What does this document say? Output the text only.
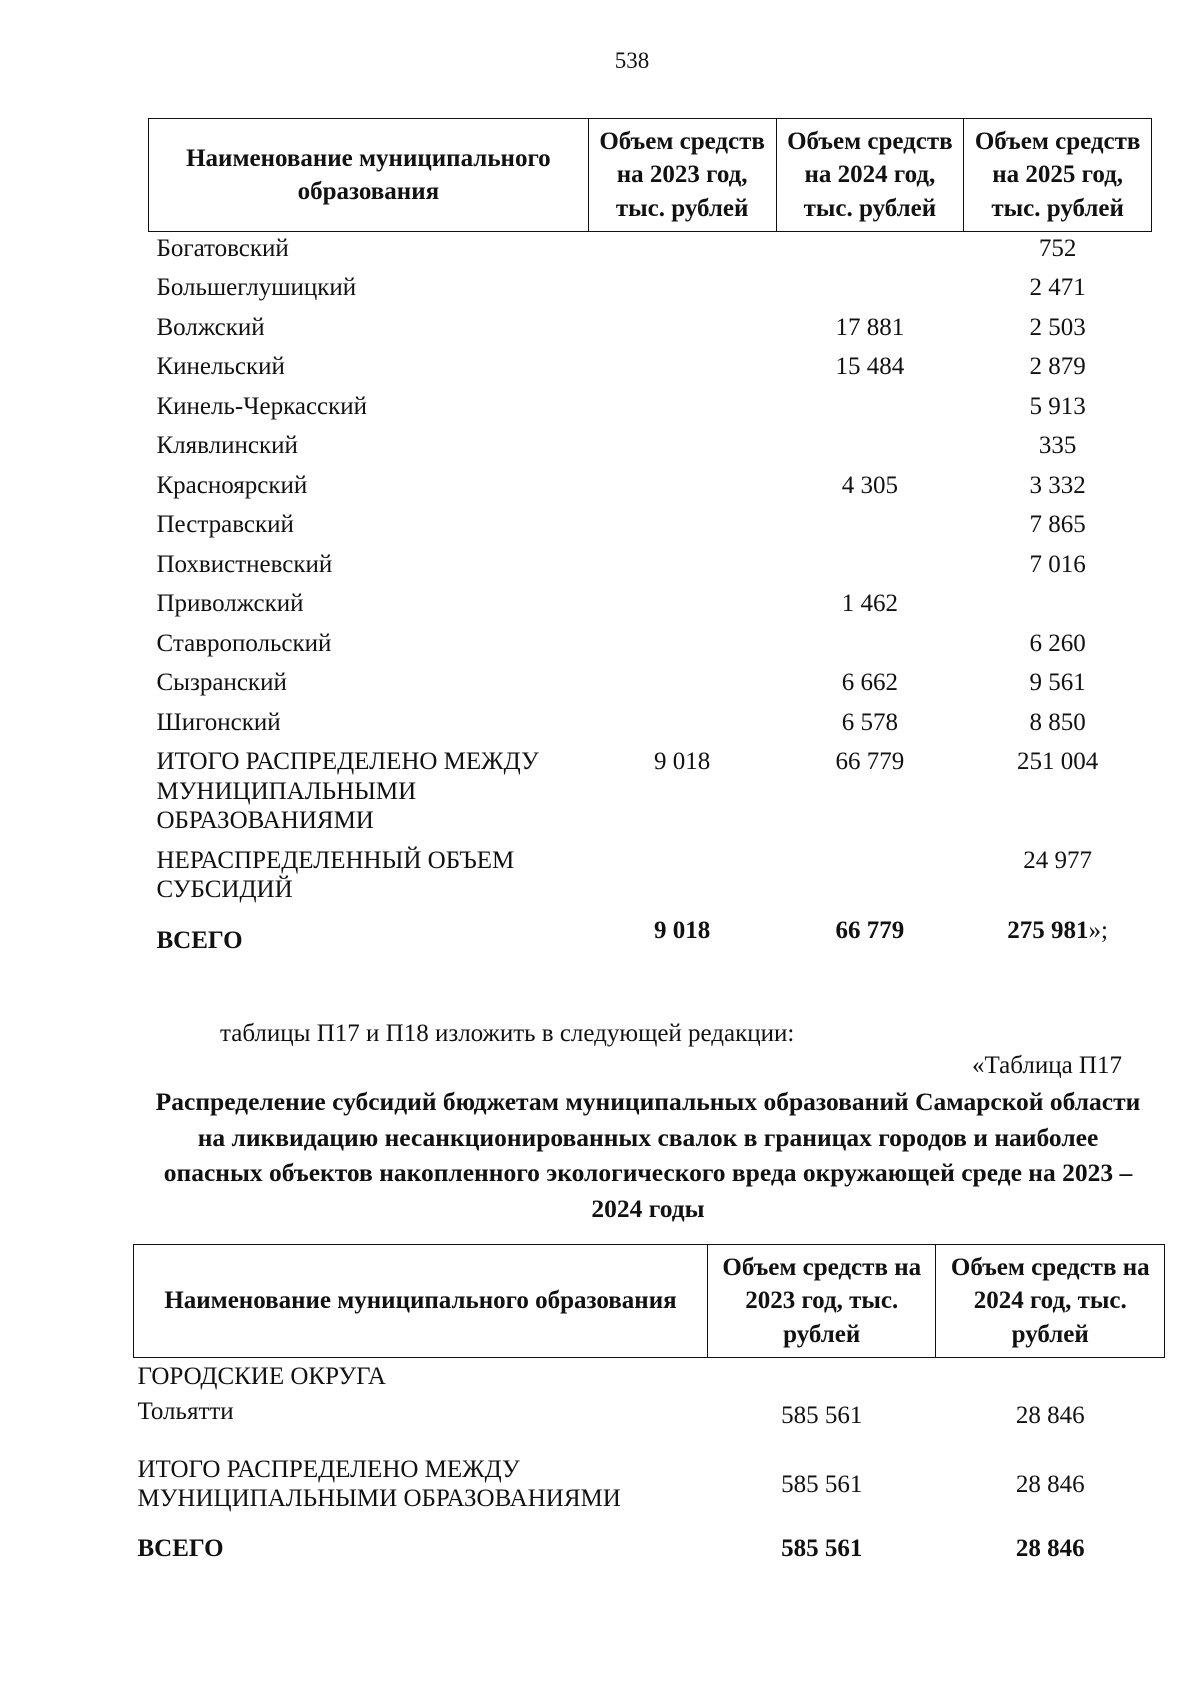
538
Наименование муниципального образования	Объем средств на 2023 год, тыс. рублей	Объем средств на 2024 год, тыс. рублей	Объем средств на 2025 год, тыс. рублей
Богатовский			752
Большеглушицкий			2 471
Волжский		17 881	2 503
Кинельский		15 484	2 879
Кинель-Черкасский			5 913
Клявлинский			335
Красноярский		4 305	3 332
Пестравский			7 865
Похвистневский			7 016
Приволжский		1 462	
Ставропольский			6 260
Сызранский		6 662	9 561
Шигонский		6 578	8 850
ИТОГО РАСПРЕДЕЛЕНО МЕЖДУ МУНИЦИПАЛЬНЫМИ ОБРАЗОВАНИЯМИ	9 018	66 779	251 004
НЕРАСПРЕДЕЛЕННЫЙ ОБЪЕМ СУБСИДИЙ			24 977
ВСЕГО	9 018	66 779	275 981»;
таблицы П17 и П18 изложить в следующей редакции:
«Таблица П17
Распределение субсидий бюджетам муниципальных образований Самарской области на ликвидацию несанкционированных свалок в границах городов и наиболее опасных объектов накопленного экологического вреда окружающей среде на 2023 – 2024 годы
Наименование муниципального образования	Объем средств на 2023 год, тыс. рублей	Объем средств на 2024 год, тыс. рублей
ГОРОДСКИЕ ОКРУГА		
Тольятти	585 561	28 846
ИТОГО РАСПРЕДЕЛЕНО МЕЖДУ МУНИЦИПАЛЬНЫМИ ОБРАЗОВАНИЯМИ	585 561	28 846
ВСЕГО	585 561	28 846
